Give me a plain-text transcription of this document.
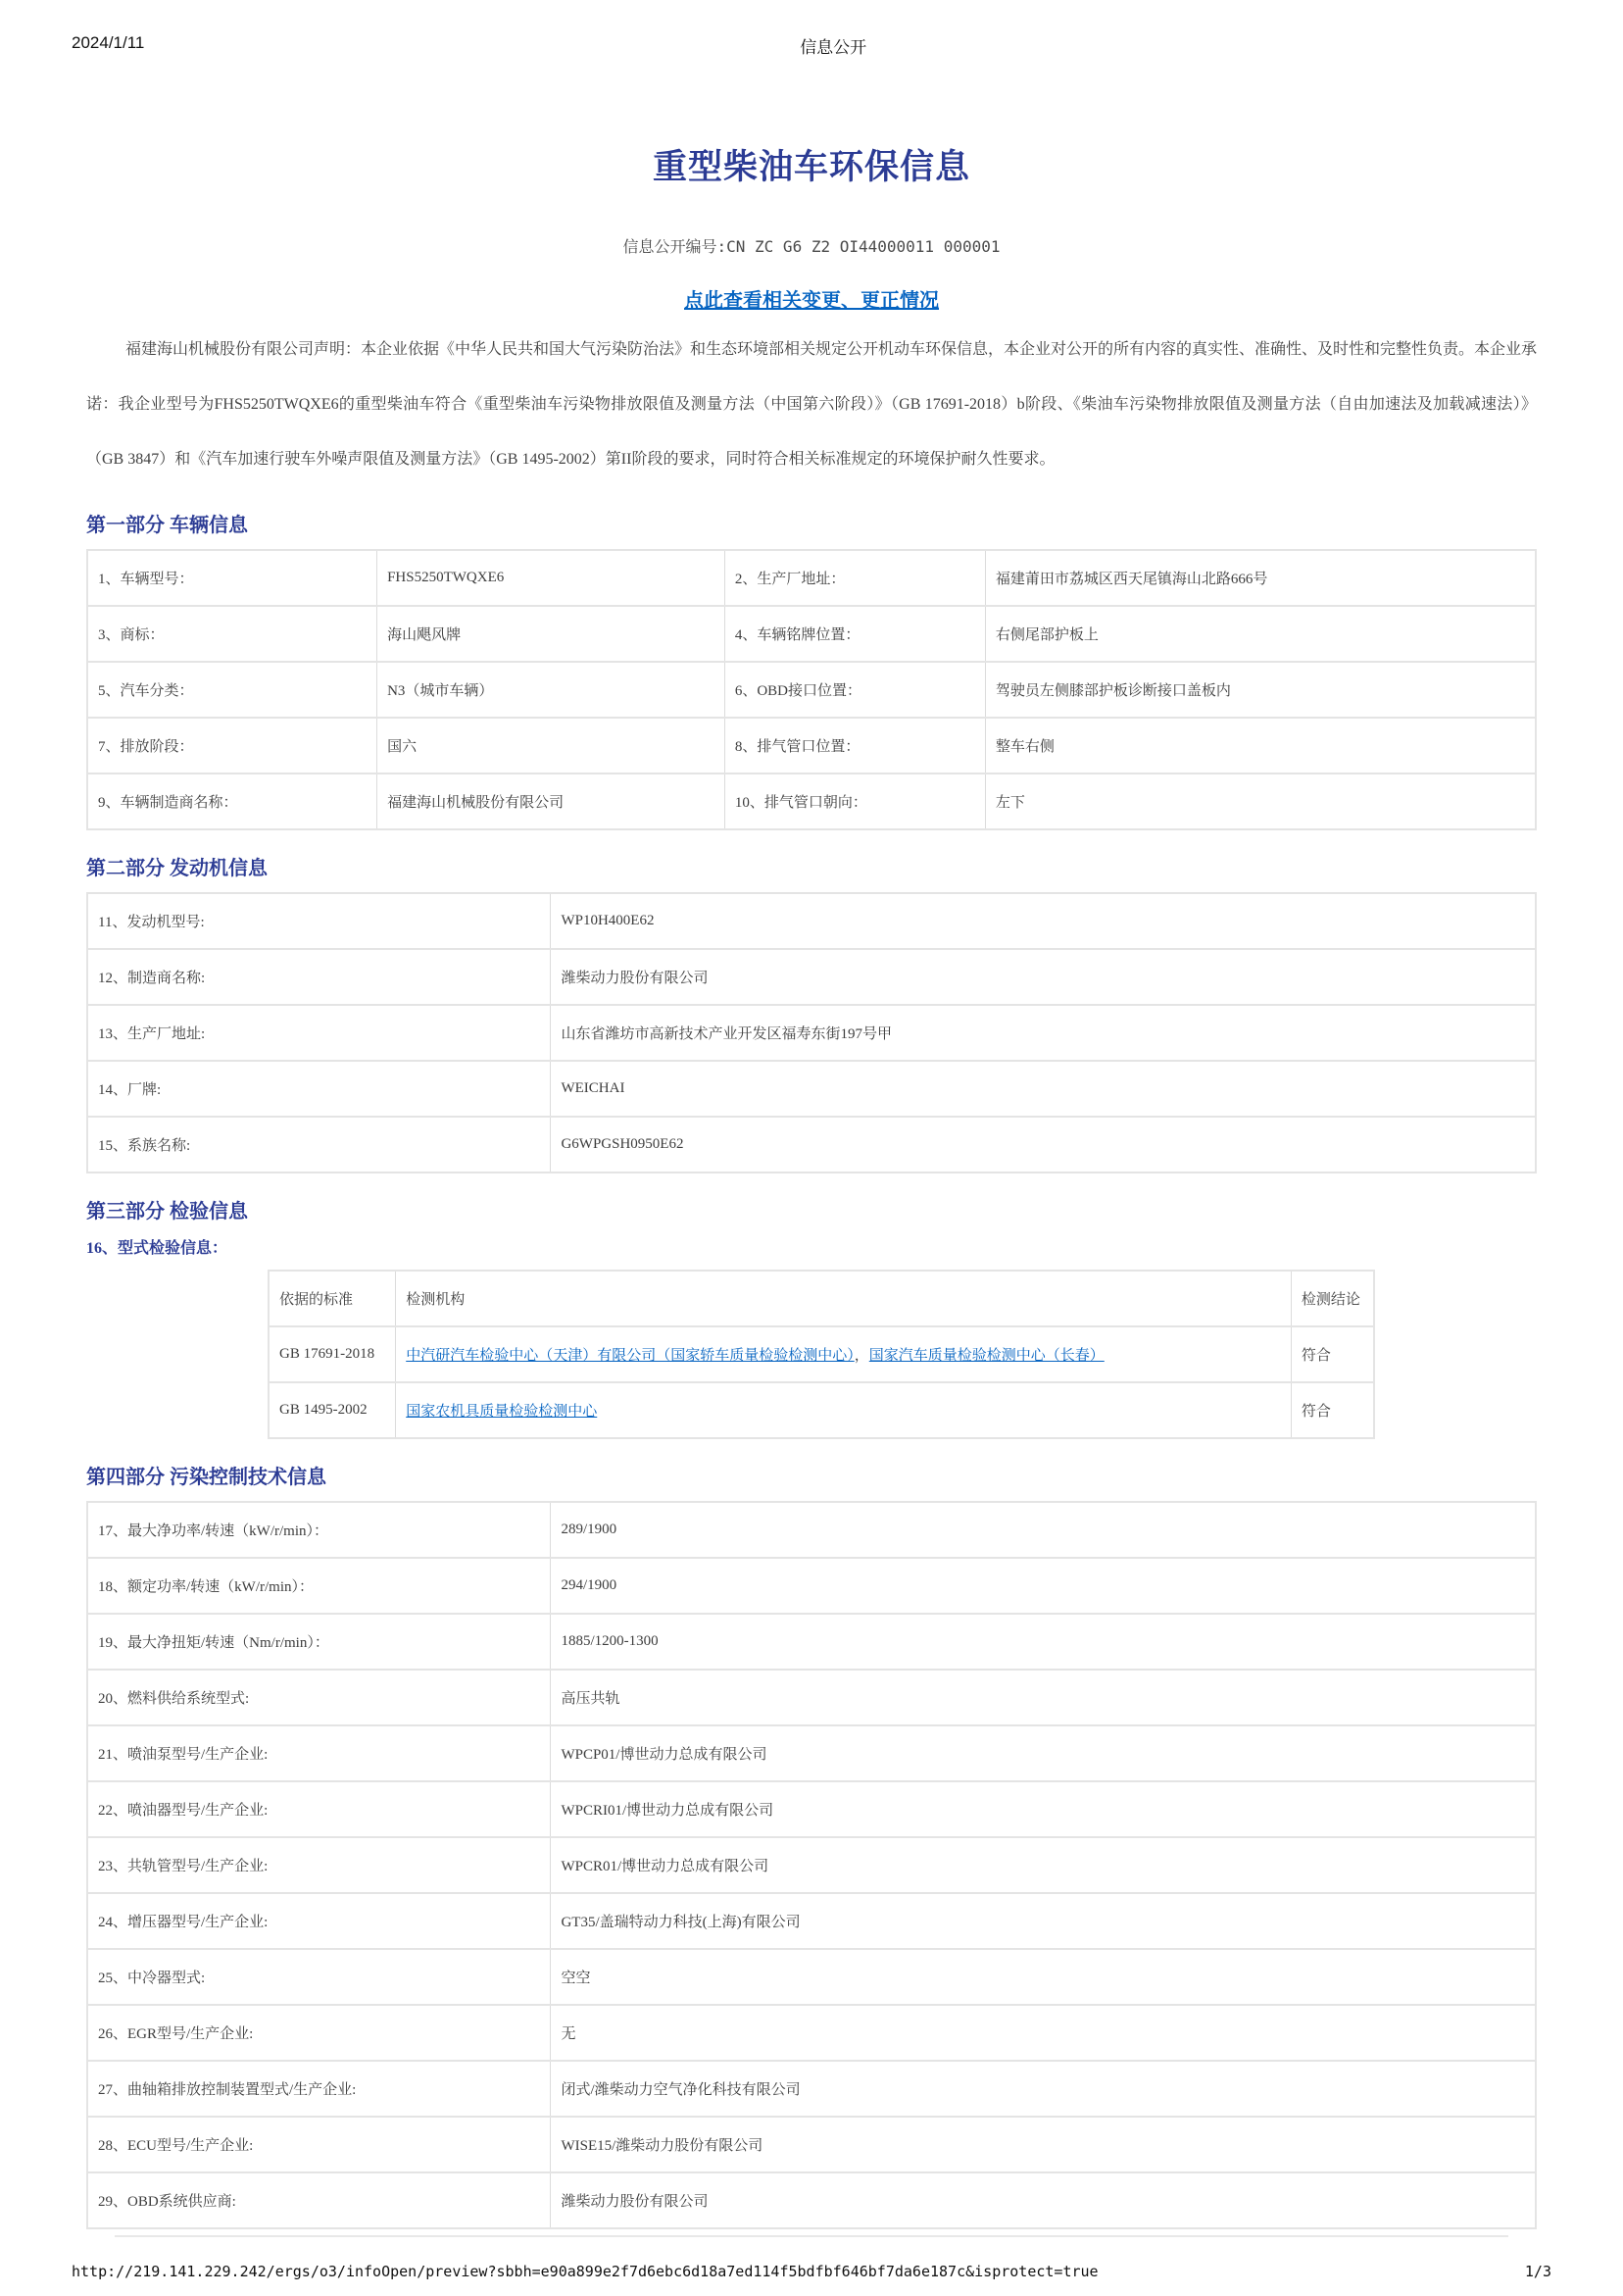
2024/1/11	信息公开
重型柴油车环保信息

信息公开编号:CN ZC G6 Z2 OI44000011 000001

点此查看相关变更、更正情况

福建海山机械股份有限公司声明：本企业依据《中华人民共和国大气污染防治法》和生态环境部相关规定公开机动车环保信息，本企业对公开的所有内容的真实性、准确性、及时性和完整性负责。本企业承诺：我企业型号为FHS5250TWQXE6的重型柴油车符合《重型柴油车污染物排放限值及测量方法（中国第六阶段）》（GB 17691-2018）b阶段、《柴油车污染物排放限值及测量方法（自由加速法及加载减速法）》（GB 3847）和《汽车加速行驶车外噪声限值及测量方法》（GB 1495-2002）第II阶段的要求，同时符合相关标准规定的环境保护耐久性要求。

第一部分 车辆信息
1、车辆型号：	FHS5250TWQXE6	2、生产厂地址：	福建莆田市荔城区西天尾镇海山北路666号
3、商标：	海山飓风牌	4、车辆铭牌位置：	右侧尾部护板上
5、汽车分类：	N3（城市车辆）	6、OBD接口位置：	驾驶员左侧膝部护板诊断接口盖板内
7、排放阶段：	国六	8、排气管口位置：	整车右侧
9、车辆制造商名称：	福建海山机械股份有限公司	10、排气管口朝向：	左下
第二部分 发动机信息
11、发动机型号:	WP10H400E62
12、制造商名称:	潍柴动力股份有限公司
13、生产厂地址:	山东省潍坊市高新技术产业开发区福寿东街197号甲
14、厂牌:	WEICHAI
15、系族名称:	G6WPGSH0950E62
第三部分 检验信息

16、型式检验信息：

依据的标准	检测机构	检测结论
GB 17691-2018	中汽研汽车检验中心（天津）有限公司（国家轿车质量检验检测中心），国家汽车质量检验检测中心（长春）	符合
GB 1495-2002	国家农机具质量检验检测中心	符合
第四部分 污染控制技术信息
17、最大净功率/转速（kW/r/min）：	289/1900
18、额定功率/转速（kW/r/min）：	294/1900
19、最大净扭矩/转速（Nm/r/min）：	1885/1200-1300
20、燃料供给系统型式:	高压共轨
21、喷油泵型号/生产企业:	WPCP01/博世动力总成有限公司
22、喷油器型号/生产企业:	WPCRI01/博世动力总成有限公司
23、共轨管型号/生产企业:	WPCR01/博世动力总成有限公司
24、增压器型号/生产企业:	GT35/盖瑞特动力科技(上海)有限公司
25、中冷器型式:	空空
26、EGR型号/生产企业:	无
27、曲轴箱排放控制装置型式/生产企业:	闭式/潍柴动力空气净化科技有限公司
28、ECU型号/生产企业:	WISE15/潍柴动力股份有限公司
29、OBD系统供应商:	潍柴动力股份有限公司
http://219.141.229.242/ergs/o3/infoOpen/preview?sbbh=e90a899e2f7d6ebc6d18a7ed114f5bdfbf646bf7da6e187c&isprotect=true	1/3
